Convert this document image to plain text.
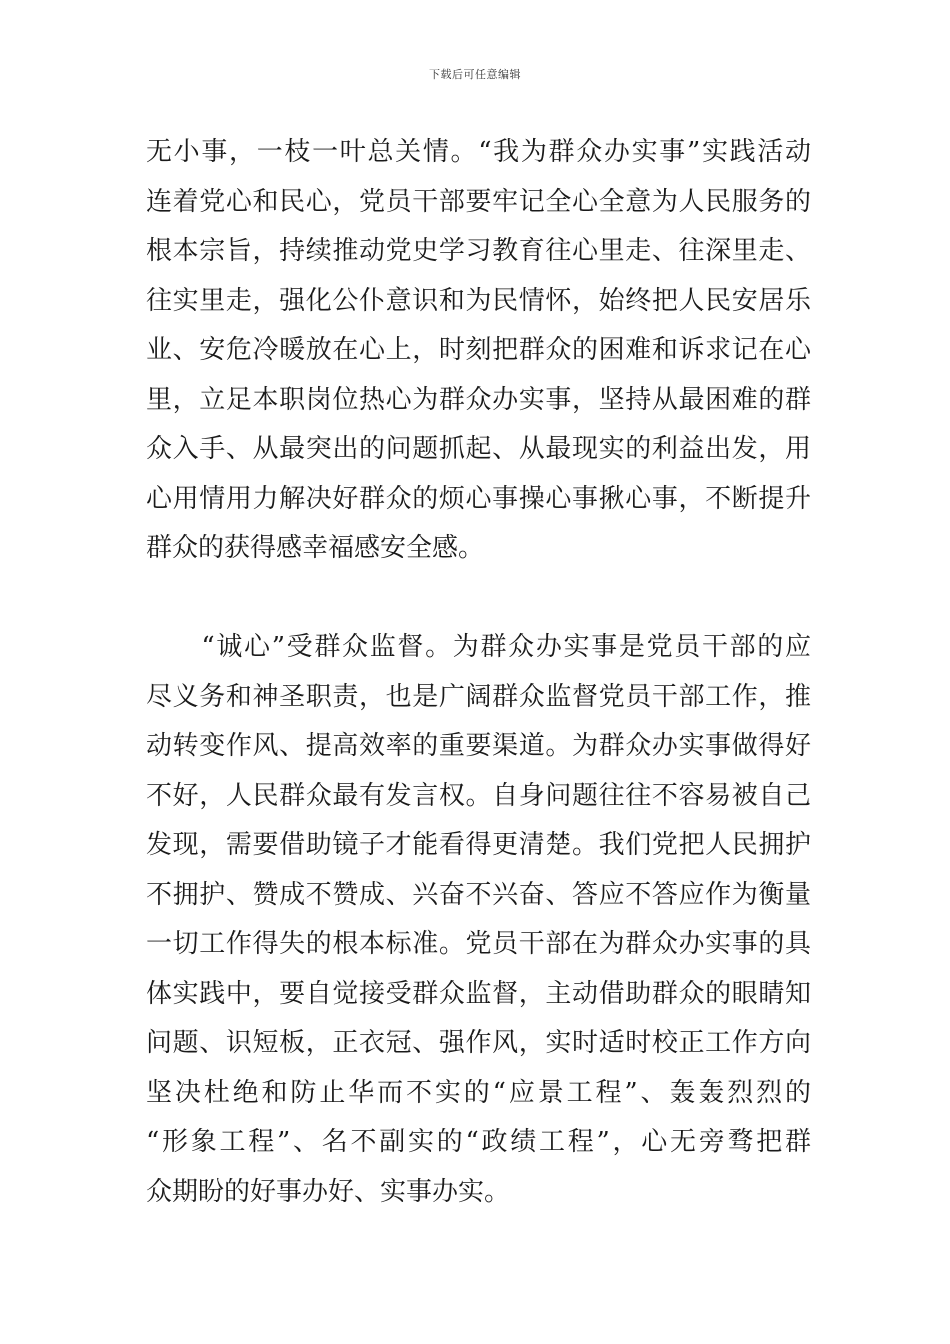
下载后可任意编辑
无小事，一枝一叶总关情。“我为群众办实事”实践活动
连着党心和民心，党员干部要牢记全心全意为人民服务的
根本宗旨，持续推动党史学习教育往心里走、往深里走、
往实里走，强化公仆意识和为民情怀，始终把人民安居乐
业、安危冷暖放在心上，时刻把群众的困难和诉求记在心
里，立足本职岗位热心为群众办实事，坚持从最困难的群
众入手、从最突出的问题抓起、从最现实的利益出发，用
心用情用力解决好群众的烦心事操心事揪心事，不断提升
群众的获得感幸福感安全感。
　　“诚心”受群众监督。为群众办实事是党员干部的应
尽义务和神圣职责，也是广阔群众监督党员干部工作，推
动转变作风、提高效率的重要渠道。为群众办实事做得好
不好，人民群众最有发言权。自身问题往往不容易被自己
发现，需要借助镜子才能看得更清楚。我们党把人民拥护
不拥护、赞成不赞成、兴奋不兴奋、答应不答应作为衡量
一切工作得失的根本标准。党员干部在为群众办实事的具
体实践中，要自觉接受群众监督，主动借助群众的眼睛知
问题、识短板，正衣冠、强作风，实时适时校正工作方向
坚决杜绝和防止华而不实的“应景工程”、轰轰烈烈的
“形象工程”、名不副实的“政绩工程”，心无旁骛把群
众期盼的好事办好、实事办实。
